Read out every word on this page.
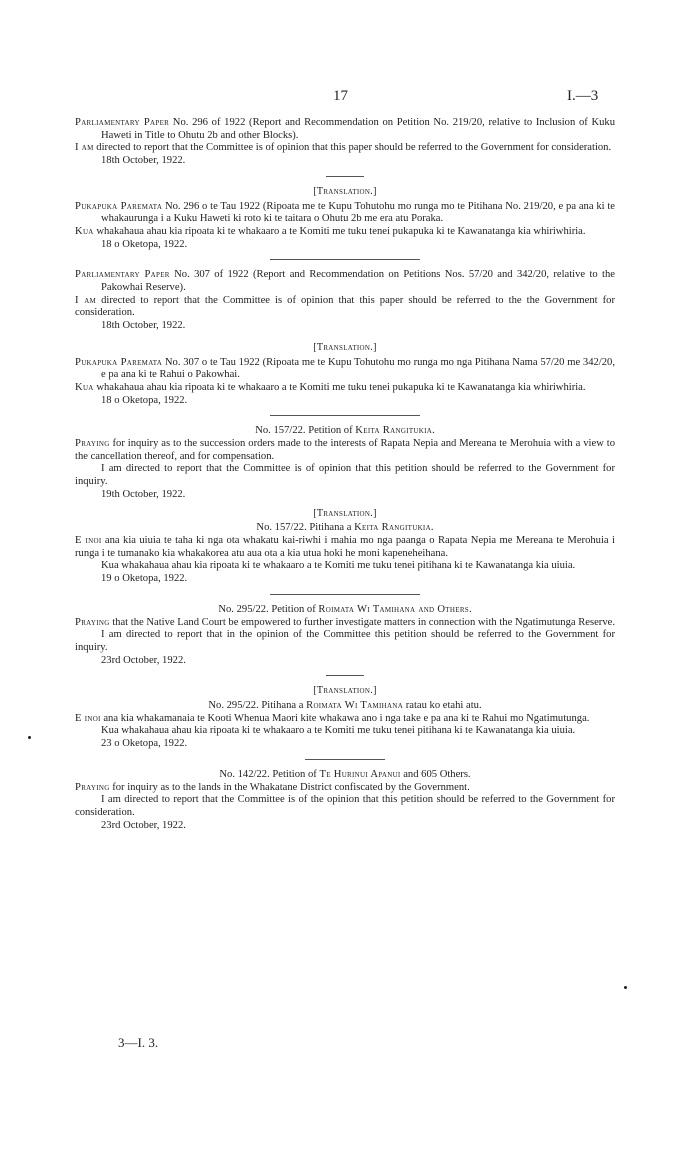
17	I.—3

Parliamentary Paper No. 296 of 1922 (Report and Recommendation on Petition No. 219/20, relative to Inclusion of Kuku Haweti in Title to Ohutu 2b and other Blocks).

I am directed to report that the Committee is of opinion that this paper should be referred to the Government for consideration.

18th October, 1922.

[Translation.]

Pukapuka Paremata No. 296 o te Tau 1922 (Ripoata me te Kupu Tohutohu mo runga mo te Pitihana No. 219/20, e pa ana ki te whakaurunga i a Kuku Haweti ki roto ki te taitara o Ohutu 2b me era atu Poraka.

Kua whakahaua ahau kia ripoata ki te whakaaro a te Komiti me tuku tenei pukapuka ki te Kawanatanga kia whiriwhiria.

18 o Oketopa, 1922.

Parliamentary Paper No. 307 of 1922 (Report and Recommendation on Petitions Nos. 57/20 and 342/20, relative to the Pakowhai Reserve).

I am directed to report that the Committee is of opinion that this paper should be referred to the the Government for consideration.

18th October, 1922.

[Translation.]

Pukapuka Paremata No. 307 o te Tau 1922 (Ripoata me te Kupu Tohutohu mo runga mo nga Pitihana Nama 57/20 me 342/20, e pa ana ki te Rahui o Pakowhai.

Kua whakahaua ahau kia ripoata ki te whakaaro a te Komiti me tuku tenei pukapuka ki te Kawanatanga kia whiriwhiria.

18 o Oketopa, 1922.

No. 157/22. Petition of Keita Rangitukia.

Praying for inquiry as to the succession orders made to the interests of Rapata Nepia and Mereana te Merohuia with a view to the cancellation thereof, and for compensation.

I am directed to report that the Committee is of opinion that this petition should be referred to the Government for inquiry.

19th October, 1922.

[Translation.]

No. 157/22. Pitihana a Keita Rangitukia.

E inoi ana kia uiuia te taha ki nga ota whakatu kai-riwhi i mahia mo nga paanga o Rapata Nepia me Mereana te Merohuia i runga i te tumanako kia whakakorea atu aua ota a kia utua hoki he moni kapeneheihana.

Kua whakahaua ahau kia ripoata ki te whakaaro a te Komiti me tuku tenei pitihana ki te Kawanatanga kia uiuia.

19 o Oketopa, 1922.

No. 295/22. Petition of Roimata Wi Tamihana and Others.

Praying that the Native Land Court be empowered to further investigate matters in connection with the Ngatimutunga Reserve.

I am directed to report that in the opinion of the Committee this petition should be referred to the Government for inquiry.

23rd October, 1922.

[Translation.]

No. 295/22. Pitihana a Roimata Wi Tamihana ratau ko etahi atu.

E inoi ana kia whakamanaia te Kooti Whenua Maori kite whakawa ano i nga take e pa ana ki te Rahui mo Ngatimutunga.

Kua whakahaua ahau kia ripoata ki te whakaaro a te Komiti me tuku tenei pitihana ki te Kawanatanga kia uiuia.

23 o Oketopa, 1922.

No. 142/22. Petition of Te Hurinui Apanui and 605 Others.

Praying for inquiry as to the lands in the Whakatane District confiscated by the Government.

I am directed to report that the Committee is of the opinion that this petition should be referred to the Government for consideration.

23rd October, 1922.

3—I. 3.
